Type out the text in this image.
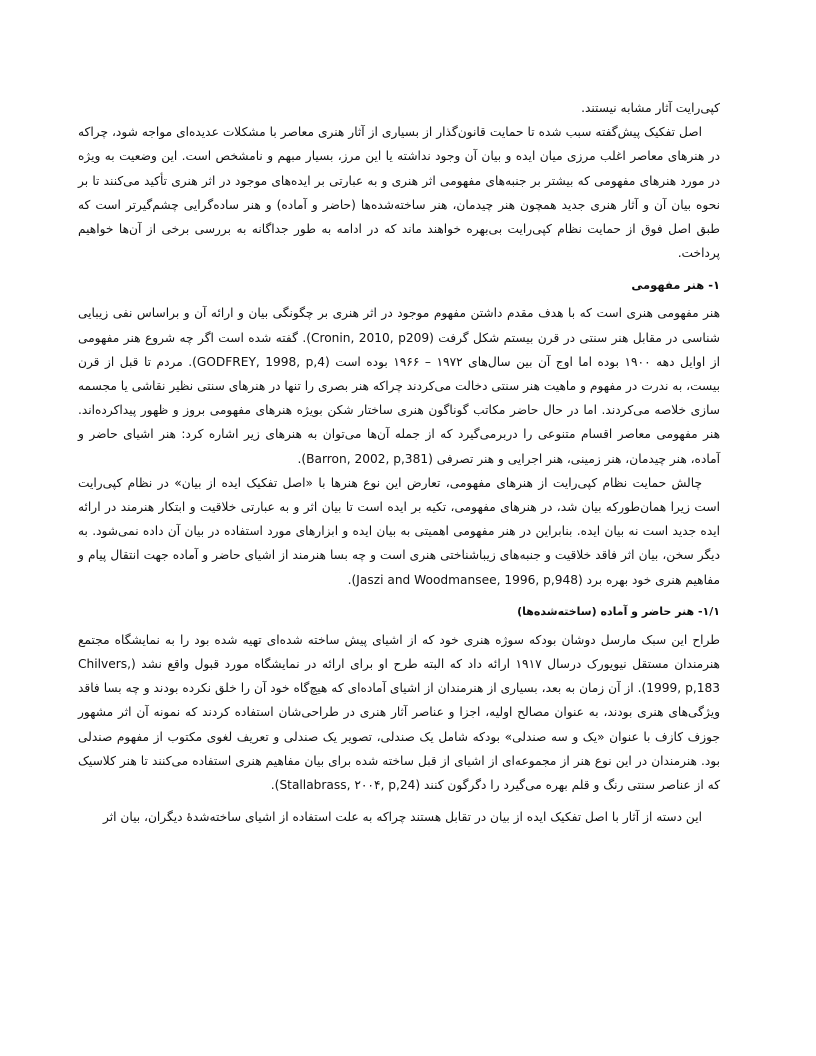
کپی‌رایت آثار مشابه نیستند.

اصل تفکیک پیش‌گفته سبب شده تا حمایت قانون‌گذار از بسیاری از آثار هنری معاصر با مشکلات عدیده‌ای مواجه شود، چراکه در هنرهای معاصر اغلب مرزی میان ایده و بیان آن وجود نداشته یا این مرز، بسیار مبهم و نامشخص است. این وضعیت به ویژه در مورد هنرهای مفهومی که بیشتر بر جنبه‌های مفهومی اثر هنری و به عبارتی بر ایده‌های موجود در اثر هنری تأکید می‌کنند تا بر نحوه بیان آن و آثار هنری جدید همچون هنر چیدمان، هنر ساخته‌شده‌ها (حاضر و آماده) و هنر ساده‌گرایی چشم‌گیرتر است که طبق اصل فوق از حمایت نظام کپی‌رایت بی‌بهره خواهند ماند که در ادامه به طور جداگانه به بررسی برخی از آن‌ها خواهیم پرداخت.

۱- هنر مفهومی

هنر مفهومی هنری است که با هدف مقدم داشتن مفهوم موجود در اثر هنری بر چگونگی بیان و ارائه آن و براساس نفی زیبایی شناسی در مقابل هنر سنتی در قرن بیستم شکل گرفت (Cronin, 2010, p209). گفته شده است اگر چه شروع هنر مفهومی از اوایل دهه ۱۹۰۰ بوده اما اوج آن بین سال‌های ۱۹۷۲ – ۱۹۶۶ بوده است (GODFREY, 1998, p,4). مردم تا قبل از قرن بیست، به ندرت در مفهوم و ماهیت هنر سنتی دخالت می‌کردند چراکه هنر بصری را تنها در هنرهای سنتی نظیر نقاشی یا مجسمه سازی خلاصه می‌کردند. اما در حال حاضر مکاتب گوناگون هنری ساختار شکن بویژه هنرهای مفهومی بروز و ظهور پیداکرده‌اند. هنر مفهومی معاصر اقسام متنوعی را دربرمی‌گیرد که از جمله آن‌ها می‌توان به هنرهای زیر اشاره کرد: هنر اشیای حاضر و آماده، هنر چیدمان، هنر زمینی، هنر اجرایی و هنر تصرفی (Barron, 2002, p,381).

چالش حمایت نظام کپی‌رایت از هنرهای مفهومی، تعارض این نوع هنرها با «اصل تفکیک ایده از بیان» در نظام کپی‌رایت است زیرا همان‌طورکه بیان شد، در هنرهای مفهومی، تکیه بر ایده است تا بیان اثر و به عبارتی خلاقیت و ابتکار هنرمند در ارائه ایده جدید است نه بیان ایده. بنابراین در هنر مفهومی اهمیتی به بیان ایده و ابزارهای مورد استفاده در بیان آن داده نمی‌شود. به دیگر سخن، بیان اثر فاقد خلاقیت و جنبه‌های زیباشناختی هنری است و چه بسا هنرمند از اشیای حاضر و آماده جهت انتقال پیام و مفاهیم هنری خود بهره برد (Jaszi and Woodmansee, 1996, p,948).

۱/۱- هنر حاضر و آماده (ساخته‌شده‌ها)

طراح این سبک مارسل دوشان بودکه سوژه هنری خود که از اشیای پیش ساخته شده‌ای تهیه شده بود را به نمایشگاه مجتمع هنرمندان مستقل نیویورک درسال ۱۹۱۷ ارائه داد که البته طرح او برای ارائه در نمایشگاه مورد قبول واقع نشد (Chilvers, 1999, p,183). از آن زمان به بعد، بسیاری از هنرمندان از اشیای آماده‌ای که هیچ‌گاه خود آن را خلق نکرده بودند و چه بسا فاقد ویژگی‌های هنری بودند، به عنوان مصالح اولیه، اجزا و عناصر آثار هنری در طراحی‌شان استفاده کردند که نمونه آن اثر مشهور جوزف کازف با عنوان «یک و سه صندلی» بودکه شامل یک صندلی، تصویر یک صندلی و تعریف لغوی مکتوب از مفهوم صندلی بود. هنرمندان در این نوع هنر از مجموعه‌ای از اشیای از قبل ساخته شده برای بیان مفاهیم هنری استفاده می‌کنند تا هنر کلاسیک که از عناصر سنتی رنگ و قلم بهره می‌گیرد را دگرگون کنند (Stallabrass, ۲۰۰۴, p,24).

این دسته از آثار با اصل تفکیک ایده از بیان در تقابل هستند چراکه به علت استفاده از اشیای ساخته‌شدهٔ دیگران، بیان اثر
